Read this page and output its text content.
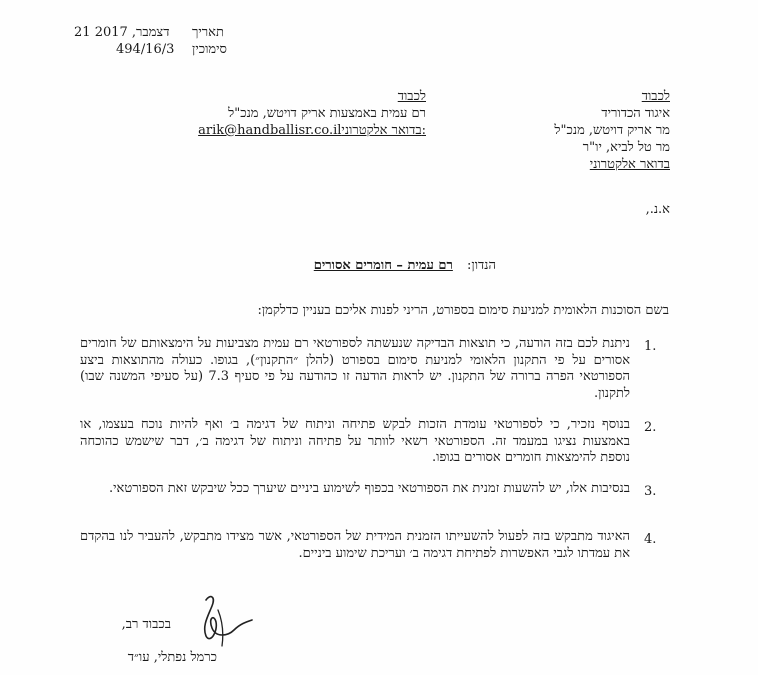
21 דצמבר, 2017 תאריך
494/16/3 סימוכין
לכבוד
רם עמית באמצעות אריק דויטש, מנכ"ל
arik@handballisr.co.ilבדואר אלקטרוני:
לכבוד
איגוד הכדוריד
מר אריק דויטש, מנכ"ל
מר טל לביא, יו"ר
בדואר אלקטרוני
א.נ.,
הנדון: רם עמית – חומרים אסורים
בשם הסוכנות הלאומית למניעת סימום בספורט, הריני לפנות אליכם בעניין כדלקמן:
1.
ניתנת לכם בזה הודעה, כי תוצאות הבדיקה שנעשתה לספורטאי רם עמית מצביעות על הימצאותם של חומרים אסורים על פי התקנון הלאומי למניעת סימום בספורט (להלן ״התקנון״), בגופו. כעולה מהתוצאות ביצע הספורטאי הפרה ברורה של התקנון. יש לראות הודעה זו כהודעה על פי סעיף 7.3 (על סעיפי המשנה שבו) לתקנון.
2.
בנוסף נזכיר, כי לספורטאי עומדת הזכות לבקש פתיחה וניתוח של דגימה ב׳ ואף להיות נוכח בעצמו, או באמצעות נציגו במעמד זה. הספורטאי רשאי לוותר על פתיחה וניתוח של דגימה ב׳, דבר שישמש כהוכחה נוספת להימצאות חומרים אסורים בגופו.
3.
בנסיבות אלו, יש להשעות זמנית את הספורטאי בכפוף לשימוע ביניים שיערך ככל שיבקש זאת הספורטאי.
4.
האיגוד מתבקש בזה לפעול להשעייתו הזמנית המידית של הספורטאי, אשר מצידו מתבקש, להעביר לנו בהקדם את עמדתו לגבי האפשרות לפתיחת דגימה ב׳ ועריכת שימוע ביניים.
בכבוד רב,
כרמל נפתלי, עו״ד
